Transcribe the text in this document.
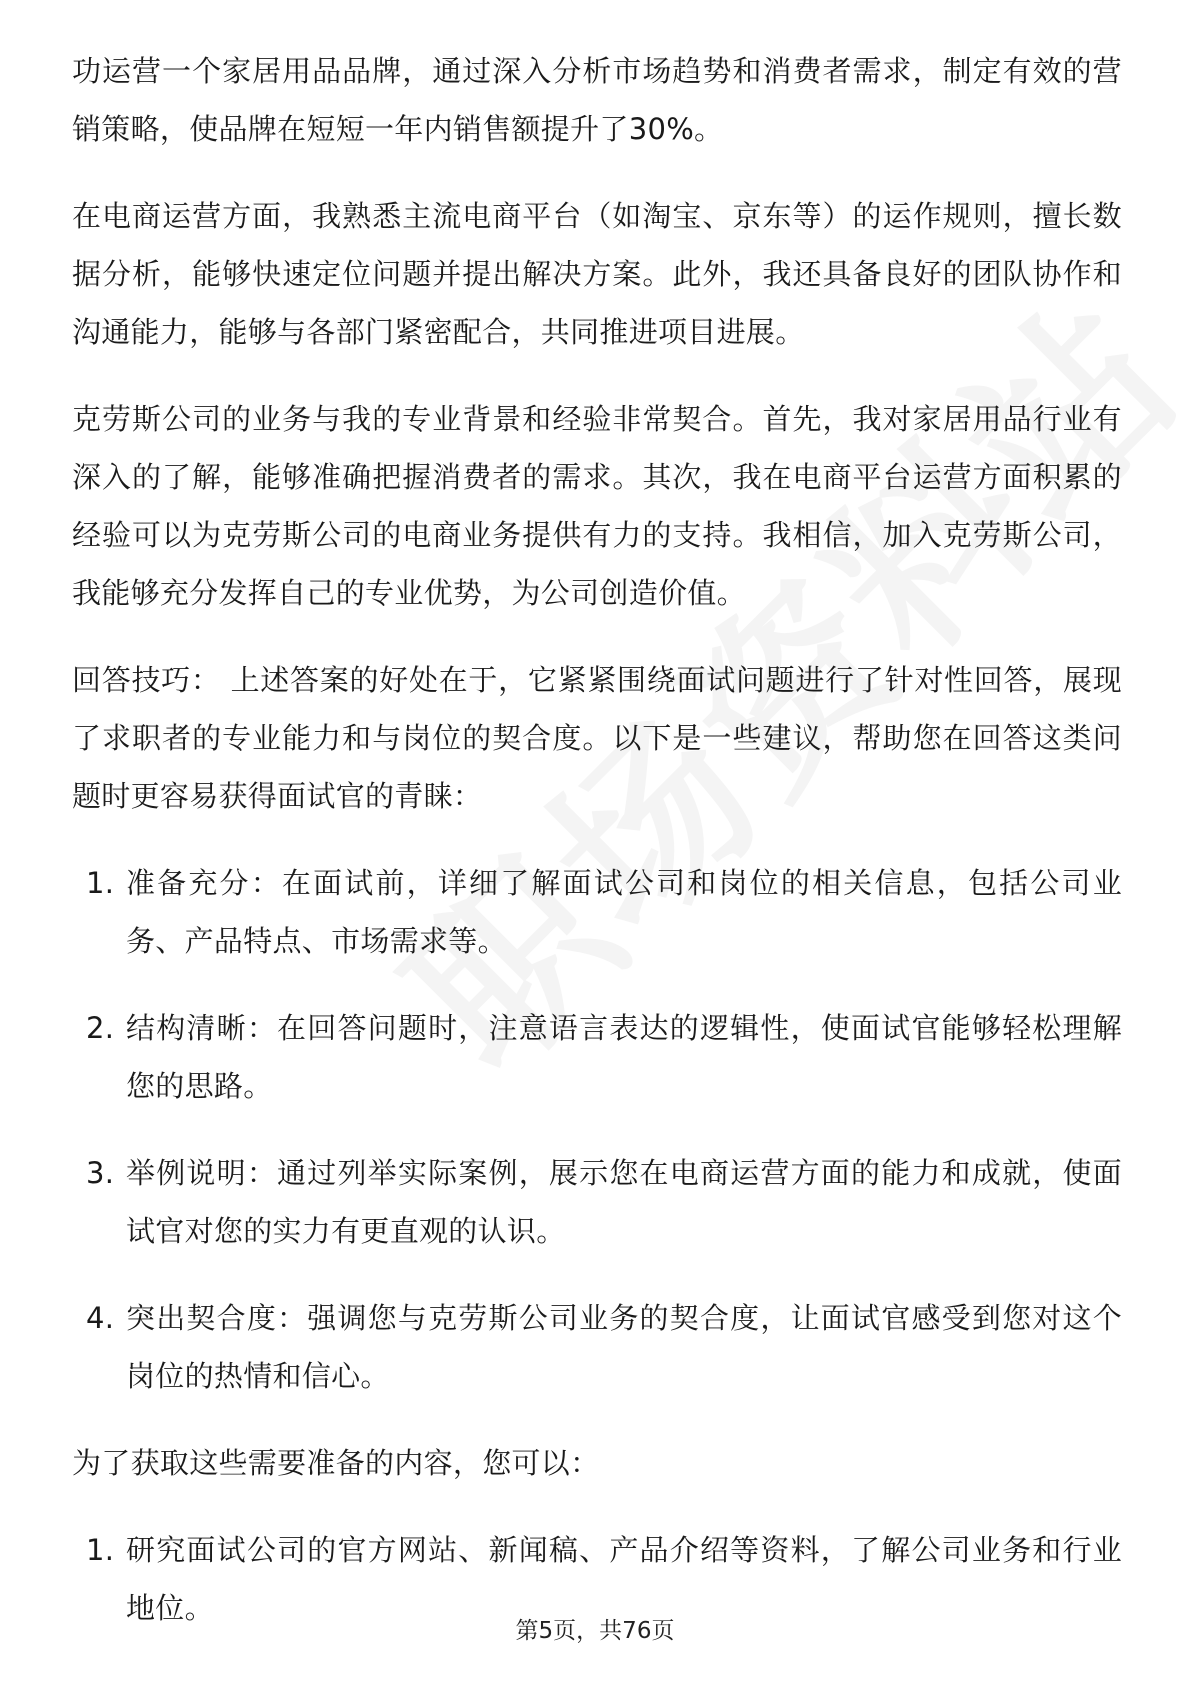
功运营一个家居用品品牌，通过深入分析市场趋势和消费者需求，制定有效的营销策略，使品牌在短短一年内销售额提升了30%。

在电商运营方面，我熟悉主流电商平台（如淘宝、京东等）的运作规则，擅长数据分析，能够快速定位问题并提出解决方案。此外，我还具备良好的团队协作和沟通能力，能够与各部门紧密配合，共同推进项目进展。

克劳斯公司的业务与我的专业背景和经验非常契合。首先，我对家居用品行业有深入的了解，能够准确把握消费者的需求。其次，我在电商平台运营方面积累的经验可以为克劳斯公司的电商业务提供有力的支持。我相信，加入克劳斯公司，我能够充分发挥自己的专业优势，为公司创造价值。

回答技巧： 上述答案的好处在于，它紧紧围绕面试问题进行了针对性回答，展现了求职者的专业能力和与岗位的契合度。以下是一些建议，帮助您在回答这类问题时更容易获得面试官的青睐：

1. 准备充分：在面试前，详细了解面试公司和岗位的相关信息，包括公司业务、产品特点、市场需求等。
2. 结构清晰：在回答问题时，注意语言表达的逻辑性，使面试官能够轻松理解您的思路。
3. 举例说明：通过列举实际案例，展示您在电商运营方面的能力和成就，使面试官对您的实力有更直观的认识。
4. 突出契合度：强调您与克劳斯公司业务的契合度，让面试官感受到您对这个岗位的热情和信心。

为了获取这些需要准备的内容，您可以：

1. 研究面试公司的官方网站、新闻稿、产品介绍等资料，了解公司业务和行业地位。
第5页，共76页
